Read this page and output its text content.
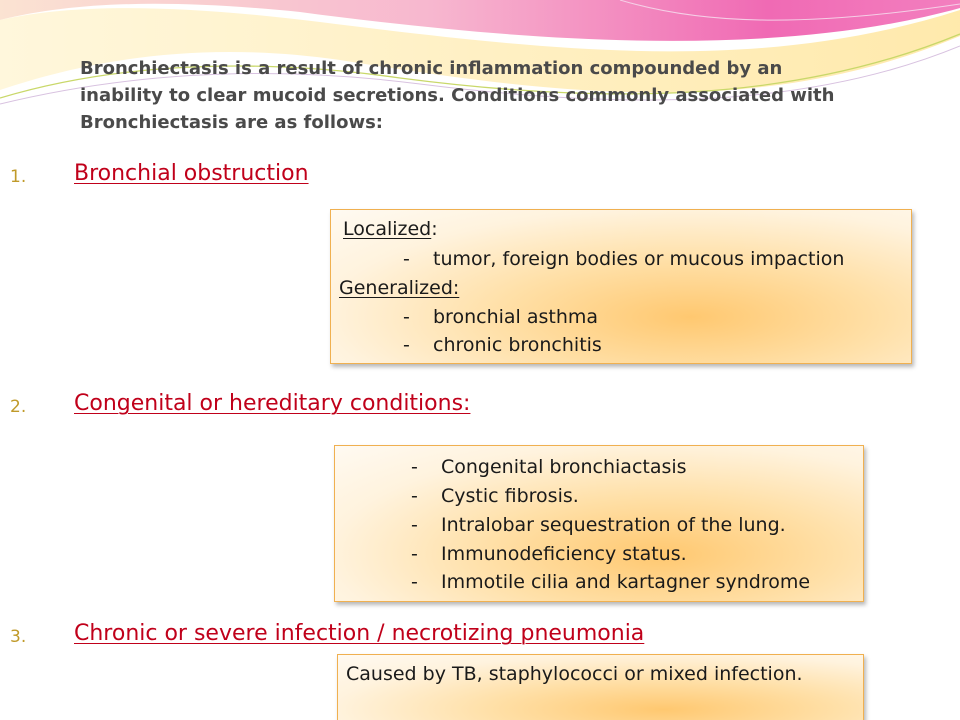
Bronchiectasis is a result of chronic inflammation compounded by an inability to clear mucoid secretions. Conditions commonly associated with Bronchiectasis are as follows:

1. Bronchial obstruction
Localized:
- tumor, foreign bodies or mucous impaction
Generalized:
- bronchial asthma
- chronic bronchitis
2. Congenital or hereditary conditions:
- Congenital bronchiactasis
- Cystic fibrosis.
- Intralobar sequestration of the lung.
- Immunodeficiency status.
- Immotile cilia and kartagner syndrome
3. Chronic or severe infection / necrotizing pneumonia
Caused by TB, staphylococci or mixed infection.
